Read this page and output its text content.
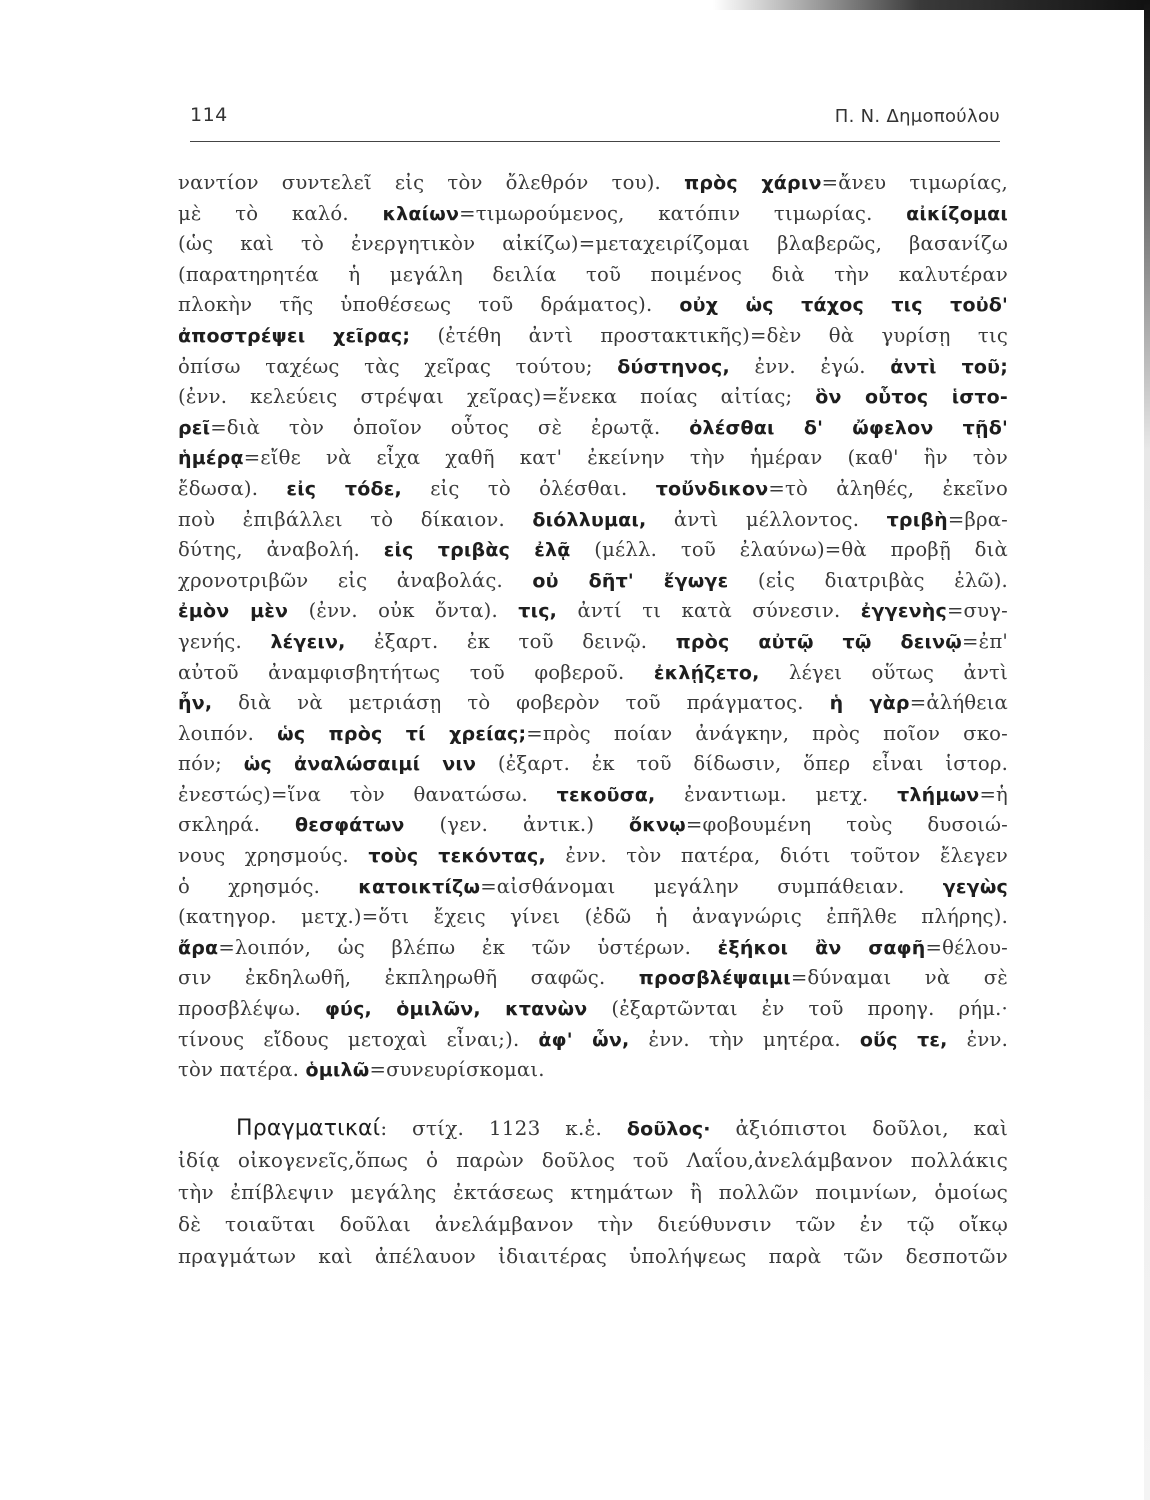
114	Π. Ν. Δημοπούλου
ναντίον συντελεῖ εἰς τὸν ὄλεθρόν του). πρὸς χάριν=ἄνευ τιμωρίας,
μὲ τὸ καλό. κλαίων=τιμωρούμενος, κατόπιν τιμωρίας. αἰκίζομαι
(ὡς καὶ τὸ ἐνεργητικὸν αἰκίζω)=μεταχειρίζομαι βλαβερῶς, βασανίζω
(παρατηρητέα ἡ μεγάλη δειλία τοῦ ποιμένος διὰ τὴν καλυτέραν
πλοκὴν τῆς ὑποθέσεως τοῦ δράματος). οὐχ ὡς τάχος τις τοὐδ'
ἀποστρέψει χεῖρας; (ἐτέθη ἀντὶ προστακτικῆς)=δὲν θὰ γυρίσῃ τις
ὀπίσω ταχέως τὰς χεῖρας τούτου; δύστηνος, ἐνν. ἐγώ. ἀντὶ τοῦ;
(ἐνν. κελεύεις στρέψαι χεῖρας)=ἕνεκα ποίας αἰτίας; ὃν οὗτος ἱστο-
ρεῖ=διὰ τὸν ὁποῖον οὗτος σὲ ἐρωτᾷ. ὀλέσθαι δ' ὤφελον τῇδ'
ἡμέρᾳ=εἴθε νὰ εἶχα χαθῆ κατ' ἐκείνην τὴν ἡμέραν (καθ' ἣν τὸν
ἔδωσα). εἰς τόδε, εἰς τὸ ὀλέσθαι. τοὔνδικον=τὸ ἀληθές, ἐκεῖνο
ποὺ ἐπιβάλλει τὸ δίκαιον. διόλλυμαι, ἀντὶ μέλλοντος. τριβὴ=βρα-
δύτης, ἀναβολή. εἰς τριβὰς ἐλᾷ (μέλλ. τοῦ ἐλαύνω)=θὰ προβῇ διὰ
χρονοτριβῶν εἰς ἀναβολάς. οὐ δῆτ' ἔγωγε (εἰς διατριβὰς ἐλῶ).
ἐμὸν μὲν (ἐνν. οὐκ ὄντα). τις, ἀντί τι κατὰ σύνεσιν. ἐγγενὴς=συγ-
γενής. λέγειν, ἐξαρτ. ἐκ τοῦ δεινῷ. πρὸς αὐτῷ τῷ δεινῷ=ἐπ'
αὐτοῦ ἀναμφισβητήτως τοῦ φοβεροῦ. ἐκλῄζετο, λέγει οὕτως ἀντὶ
ἦν, διὰ νὰ μετριάσῃ τὸ φοβερὸν τοῦ πράγματος. ἡ γὰρ=ἀλήθεια
λοιπόν. ὡς πρὸς τί χρείας;=πρὸς ποίαν ἀνάγκην, πρὸς ποῖον σκο-
πόν; ὡς ἀναλώσαιμί νιν (ἐξαρτ. ἐκ τοῦ δίδωσιν, ὅπερ εἶναι ἱστορ.
ἐνεστώς)=ἵνα τὸν θανατώσω. τεκοῦσα, ἐναντιωμ. μετχ. τλήμων=ἡ
σκληρά. θεσφάτων (γεν. ἀντικ.) ὄκνῳ=φοβουμένη τοὺς δυσοιώ-
νους χρησμούς. τοὺς τεκόντας, ἐνν. τὸν πατέρα, διότι τοῦτον ἔλεγεν
ὁ χρησμός. κατοικτίζω=αἰσθάνομαι μεγάλην συμπάθειαν. γεγὼς
(κατηγορ. μετχ.)=ὅτι ἔχεις γίνει (ἐδῶ ἡ ἀναγνώρις ἐπῆλθε πλήρης).
ἄρα=λοιπόν, ὡς βλέπω ἐκ τῶν ὑστέρων. ἐξήκοι ἂν σαφῆ=θέλου-
σιν ἐκδηλωθῆ, ἐκπληρωθῆ σαφῶς. προσβλέψαιμι=δύναμαι νὰ σὲ
προσβλέψω. φύς, ὁμιλῶν, κτανὼν (ἐξαρτῶνται ἐν τοῦ προηγ. ρήμ.·
τίνους εἴδους μετοχαὶ εἶναι;). ἀφ' ὧν, ἐνν. τὴν μητέρα. οὕς τε, ἐνν.
τὸν πατέρα. ὁμιλῶ=συνευρίσκομαι.
Πραγματικαί: στίχ. 1123 κ.ἑ. δοῦλος· ἀξιόπιστοι δοῦλοι, καὶ
ἰδίᾳ οἰκογενεῖς,ὅπως ὁ παρὼν δοῦλος τοῦ Λαΐου,ἀνελάμβανον πολλάκις
τὴν ἐπίβλεψιν μεγάλης ἐκτάσεως κτημάτων ἢ πολλῶν ποιμνίων, ὁμοίως
δὲ τοιαῦται δοῦλαι ἀνελάμβανον τὴν διεύθυνσιν τῶν ἐν τῷ οἴκῳ
πραγμάτων καὶ ἀπέλαυον ἰδιαιτέρας ὑπολήψεως παρὰ τῶν δεσποτῶν
